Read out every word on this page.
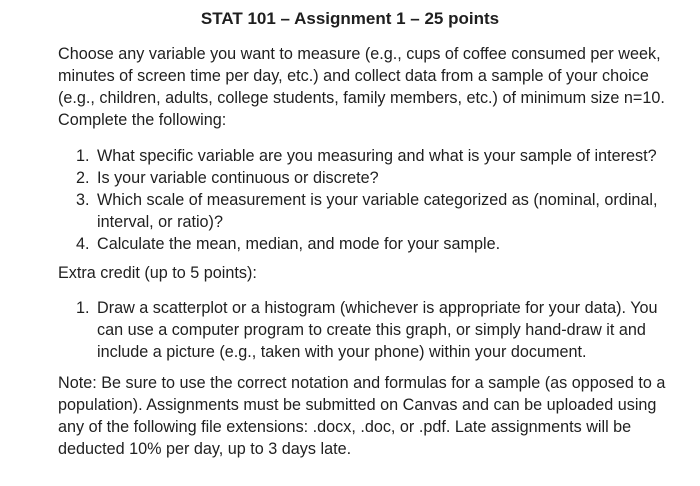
STAT 101 – Assignment 1 – 25 points

Choose any variable you want to measure (e.g., cups of coffee consumed per week, minutes of screen time per day, etc.) and collect data from a sample of your choice (e.g., children, adults, college students, family members, etc.) of minimum size n=10. Complete the following:

1. What specific variable are you measuring and what is your sample of interest?
2. Is your variable continuous or discrete?
3. Which scale of measurement is your variable categorized as (nominal, ordinal, interval, or ratio)?
4. Calculate the mean, median, and mode for your sample.

Extra credit (up to 5 points):

1. Draw a scatterplot or a histogram (whichever is appropriate for your data). You can use a computer program to create this graph, or simply hand-draw it and include a picture (e.g., taken with your phone) within your document.

Note: Be sure to use the correct notation and formulas for a sample (as opposed to a population). Assignments must be submitted on Canvas and can be uploaded using any of the following file extensions: .docx, .doc, or .pdf. Late assignments will be deducted 10% per day, up to 3 days late.
